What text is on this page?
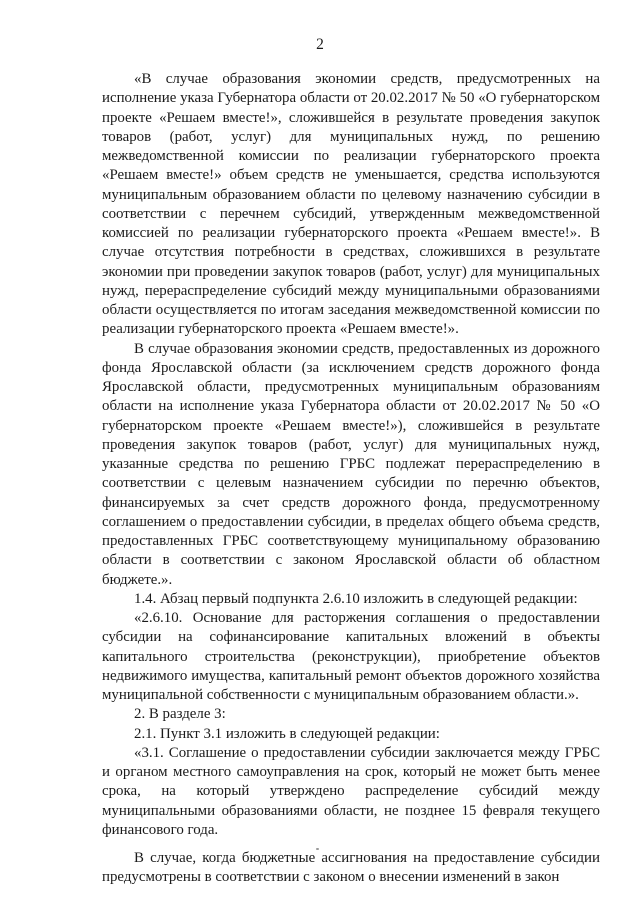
2

«В случае образования экономии средств, предусмотренных на исполнение указа Губернатора области от 20.02.2017 № 50 «О губернаторском проекте «Решаем вместе!», сложившейся в результате проведения закупок товаров (работ, услуг) для муниципальных нужд, по решению межведомственной комиссии по реализации губернаторского проекта «Решаем вместе!» объем средств не уменьшается, средства используются муниципальным образованием области по целевому назначению субсидии в соответствии с перечнем субсидий, утвержденным межведомственной комиссией по реализации губернаторского проекта «Решаем вместе!». В случае отсутствия потребности в средствах, сложившихся в результате экономии при проведении закупок товаров (работ, услуг) для муниципальных нужд, перераспределение субсидий между муниципальными образованиями области осуществляется по итогам заседания межведомственной комиссии по реализации губернаторского проекта «Решаем вместе!».

В случае образования экономии средств, предоставленных из дорожного фонда Ярославской области (за исключением средств дорожного фонда Ярославской области, предусмотренных муниципальным образованиям области на исполнение указа Губернатора области от 20.02.2017 № 50 «О губернаторском проекте «Решаем вместе!»), сложившейся в результате проведения закупок товаров (работ, услуг) для муниципальных нужд, указанные средства по решению ГРБС подлежат перераспределению в соответствии с целевым назначением субсидии по перечню объектов, финансируемых за счет средств дорожного фонда, предусмотренному соглашением о предоставлении субсидии, в пределах общего объема средств, предоставленных ГРБС соответствующему муниципальному образованию области в соответствии с законом Ярославской области об областном бюджете.».

1.4. Абзац первый подпункта 2.6.10 изложить в следующей редакции:

«2.6.10. Основание для расторжения соглашения о предоставлении субсидии на софинансирование капитальных вложений в объекты капитального строительства (реконструкции), приобретение объектов недвижимого имущества, капитальный ремонт объектов дорожного хозяйства муниципальной собственности с муниципальным образованием области.».

2. В разделе 3:

2.1. Пункт 3.1 изложить в следующей редакции:

«3.1. Соглашение о предоставлении субсидии заключается между ГРБС и органом местного самоуправления на срок, который не может быть менее срока, на который утверждено распределение субсидий между муниципальными образованиями области, не позднее 15 февраля текущего финансового года.

В случае, когда бюджетные ассигнования на предоставление субсидии предусмотрены в соответствии с законом о внесении изменений в закон
